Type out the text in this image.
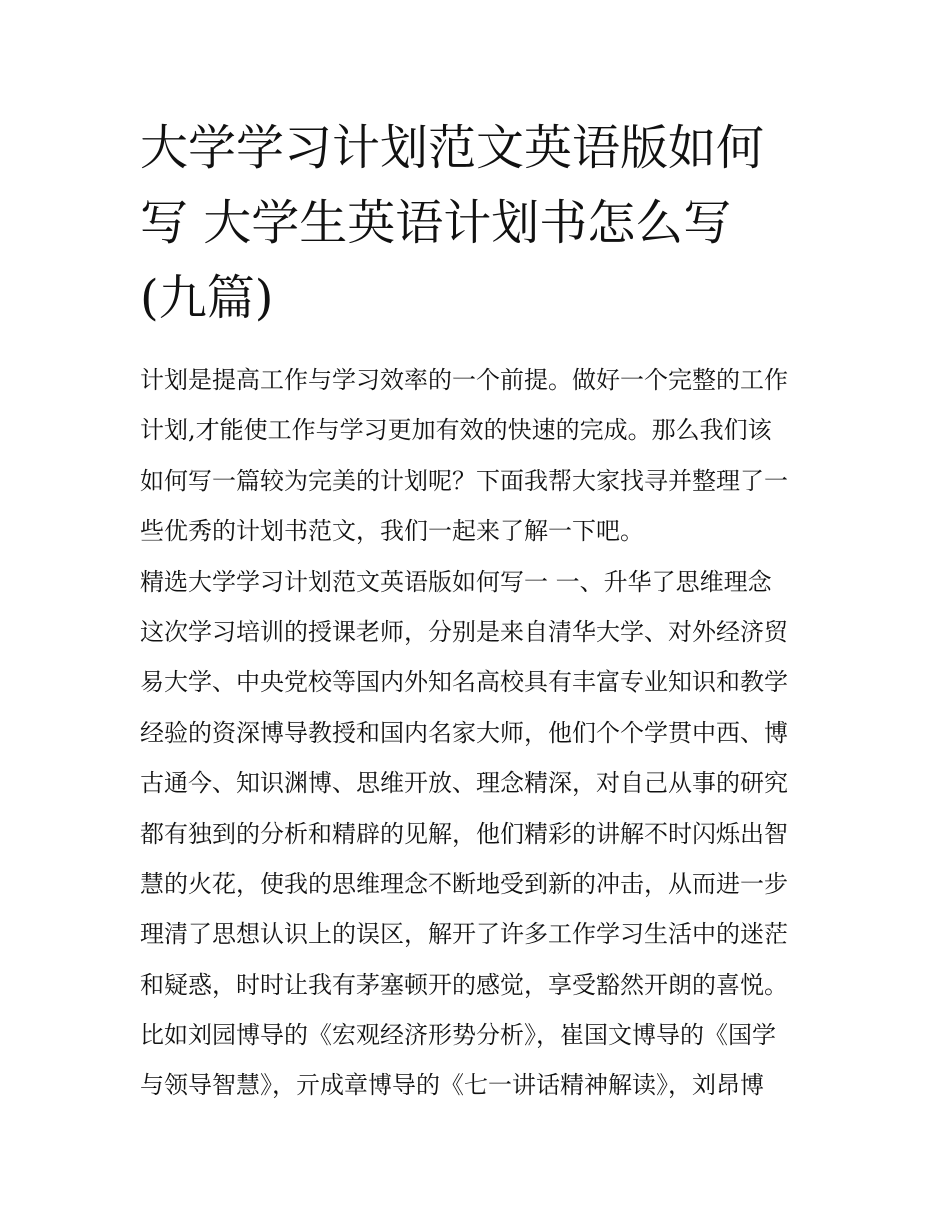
大学学习计划范文英语版如何
写 大学生英语计划书怎么写
(九篇)
计划是提高工作与学习效率的一个前提。做好一个完整的工作
计划,才能使工作与学习更加有效的快速的完成。那么我们该
如何写一篇较为完美的计划呢？下面我帮大家找寻并整理了一
些优秀的计划书范文，我们一起来了解一下吧。
精选大学学习计划范文英语版如何写一 一、升华了思维理念
这次学习培训的授课老师，分别是来自清华大学、对外经济贸
易大学、中央党校等国内外知名高校具有丰富专业知识和教学
经验的资深博导教授和国内名家大师，他们个个学贯中西、博
古通今、知识渊博、思维开放、理念精深，对自己从事的研究
都有独到的分析和精辟的见解，他们精彩的讲解不时闪烁出智
慧的火花，使我的思维理念不断地受到新的冲击，从而进一步
理清了思想认识上的误区，解开了许多工作学习生活中的迷茫
和疑惑，时时让我有茅塞顿开的感觉，享受豁然开朗的喜悦。
比如刘园博导的《宏观经济形势分析》，崔国文博导的《国学
与领导智慧》，亓成章博导的《七一讲话精神解读》，刘昂博
